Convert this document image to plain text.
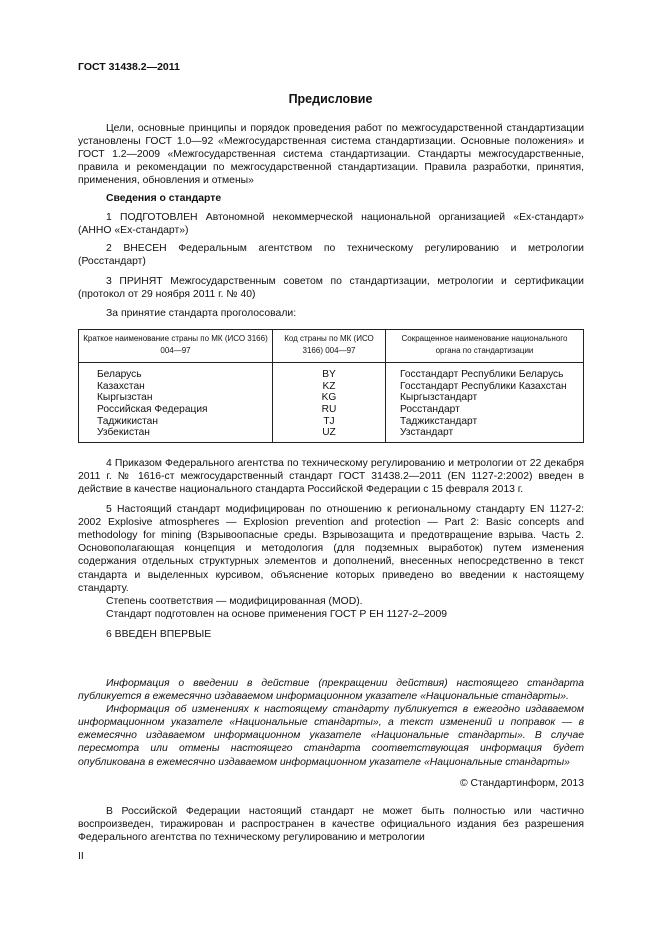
ГОСТ 31438.2—2011
Предисловие

Цели, основные принципы и порядок проведения работ по межгосударственной стандартизации установлены ГОСТ 1.0—92 «Межгосударственная система стандартизации. Основные положения» и ГОСТ 1.2—2009 «Межгосударственная система стандартизации. Стандарты межгосударственные, правила и рекомендации по межгосударственной стандартизации. Правила разработки, принятия, применения, обновления и отмены»

Сведения о стандарте

1 ПОДГОТОВЛЕН Автономной некоммерческой национальной организацией «Ех-стандарт» (АННО «Ех-стандарт»)

2 ВНЕСЕН Федеральным агентством по техническому регулированию и метрологии (Росстандарт)

3 ПРИНЯТ Межгосударственным советом по стандартизации, метрологии и сертификации (протокол от 29 ноября 2011 г. № 40)

За принятие стандарта проголосовали:

Краткое наименование страны по МК (ИСО 3166) 004—97	Код страны по МК (ИСО 3166) 004—97	Сокращенное наименование национального органа по стандартизации
Беларусь	BY	Госстандарт Республики Беларусь
Казахстан	KZ	Госстандарт Республики Казахстан
Кыргызстан	KG	Кыргызстандарт
Российская Федерация	RU	Росстандарт
Таджикистан	TJ	Таджикстандарт
Узбекистан	UZ	Узстандарт

4 Приказом Федерального агентства по техническому регулированию и метрологии от 22 декабря 2011 г. № 1616-ст межгосударственный стандарт ГОСТ 31438.2—2011 (EN 1127-2:2002) введен в действие в качестве национального стандарта Российской Федерации с 15 февраля 2013 г.

5 Настоящий стандарт модифицирован по отношению к региональному стандарту EN 1127-2: 2002 Explosive atmospheres — Explosion prevention and protection — Part 2: Basic concepts and methodology for mining (Взрывоопасные среды. Взрывозащита и предотвращение взрыва. Часть 2. Основополагающая концепция и методология (для подземных выработок) путем изменения содержания отдельных структурных элементов и дополнений, внесенных непосредственно в текст стандарта и выделенных курсивом, объяснение которых приведено во введении к настоящему стандарту.

Степень соответствия — модифицированная (MOD).

Стандарт подготовлен на основе применения ГОСТ Р ЕН 1127-2–2009

6 ВВЕДЕН ВПЕРВЫЕ

Информация о введении в действие (прекращении действия) настоящего стандарта публикуется в ежемесячно издаваемом информационном указателе «Национальные стандарты».

Информация об изменениях к настоящему стандарту публикуется в ежегодно издаваемом информационном указателе «Национальные стандарты», а текст изменений и поправок — в ежемесячно издаваемом информационном указателе «Национальные стандарты». В случае пересмотра или отмены настоящего стандарта соответствующая информация будет опубликована в ежемесячно издаваемом информационном указателе «Национальные стандарты»

© Стандартинформ, 2013

В Российской Федерации настоящий стандарт не может быть полностью или частично воспроизведен, тиражирован и распространен в качестве официального издания без разрешения Федерального агентства по техническому регулированию и метрологии

II
